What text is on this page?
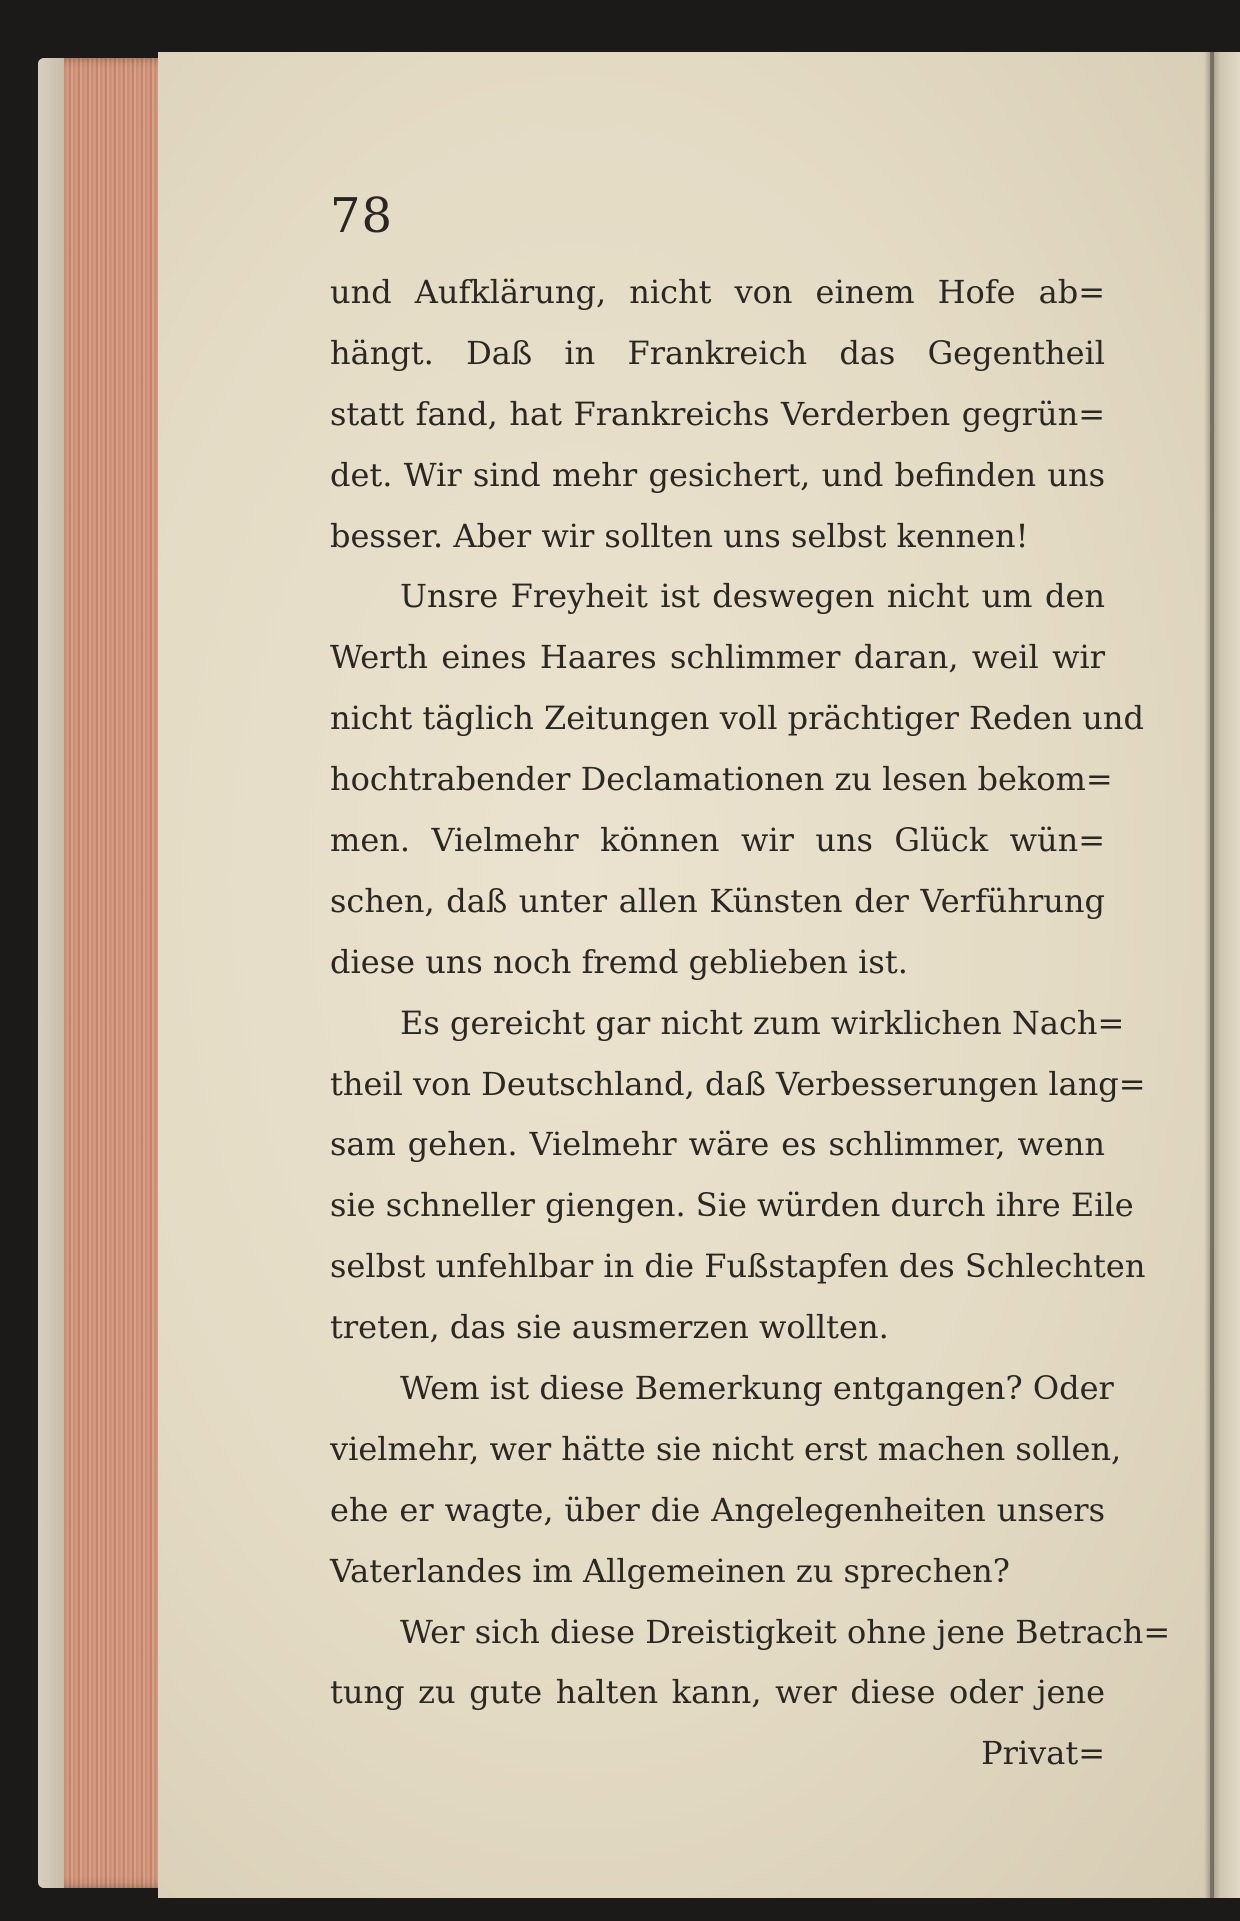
78
und Aufklärung, nicht von einem Hofe ab=
hängt. Daß in Frankreich das Gegentheil
statt fand, hat Frankreichs Verderben gegrün=
det. Wir sind mehr gesichert, und befinden uns
besser. Aber wir sollten uns selbst kennen!
Unsre Freyheit ist deswegen nicht um den
Werth eines Haares schlimmer daran, weil wir
nicht täglich Zeitungen voll prächtiger Reden und
hochtrabender Declamationen zu lesen bekom=
men. Vielmehr können wir uns Glück wün=
schen, daß unter allen Künsten der Verführung
diese uns noch fremd geblieben ist.
Es gereicht gar nicht zum wirklichen Nach=
theil von Deutschland, daß Verbesserungen lang=
sam gehen. Vielmehr wäre es schlimmer, wenn
sie schneller giengen. Sie würden durch ihre Eile
selbst unfehlbar in die Fußstapfen des Schlechten
treten, das sie ausmerzen wollten.
Wem ist diese Bemerkung entgangen? Oder
vielmehr, wer hätte sie nicht erst machen sollen,
ehe er wagte, über die Angelegenheiten unsers
Vaterlandes im Allgemeinen zu sprechen?
Wer sich diese Dreistigkeit ohne jene Betrach=
tung zu gute halten kann, wer diese oder jene
Privat=
